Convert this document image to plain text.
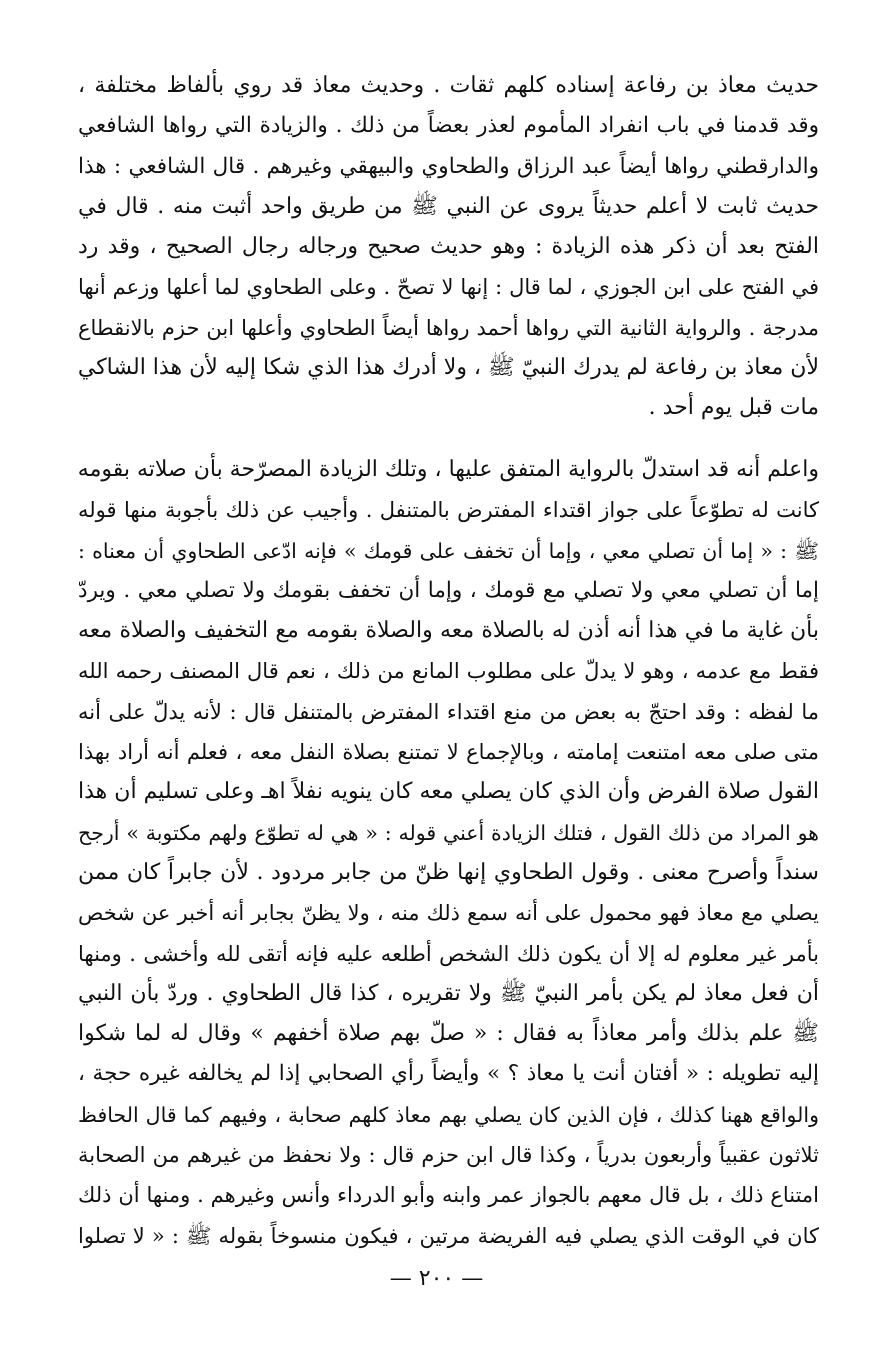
حديث معاذ بن رفاعة إسناده كلهم ثقات . وحديث معاذ قد روي بألفاظ مختلفة ،
وقد قدمنا في باب انفراد المأموم لعذر بعضاً من ذلك . والزيادة التي رواها الشافعي
والدارقطني رواها أيضاً عبد الرزاق والطحاوي والبيهقي وغيرهم . قال الشافعي : هذا
حديث ثابت لا أعلم حديثاً يروى عن النبي ﷺ من طريق واحد أثبت منه . قال في
الفتح بعد أن ذكر هذه الزيادة : وهو حديث صحيح ورجاله رجال الصحيح ، وقد رد
في الفتح على ابن الجوزي ، لما قال : إنها لا تصحّ . وعلى الطحاوي لما أعلها وزعم أنها
مدرجة . والرواية الثانية التي رواها أحمد رواها أيضاً الطحاوي وأعلها ابن حزم بالانقطاع
لأن معاذ بن رفاعة لم يدرك النبيّ ﷺ ، ولا أدرك هذا الذي شكا إليه لأن هذا الشاكي
مات قبل يوم أحد .
واعلم أنه قد استدلّ بالرواية المتفق عليها ، وتلك الزيادة المصرّحة بأن صلاته بقومه
كانت له تطوّعاً على جواز اقتداء المفترض بالمتنفل . وأجيب عن ذلك بأجوبة منها قوله
ﷺ : « إما أن تصلي معي ، وإما أن تخفف على قومك » فإنه ادّعى الطحاوي أن معناه :
إما أن تصلي معي ولا تصلي مع قومك ، وإما أن تخفف بقومك ولا تصلي معي . ويردّ
بأن غاية ما في هذا أنه أذن له بالصلاة معه والصلاة بقومه مع التخفيف والصلاة معه
فقط مع عدمه ، وهو لا يدلّ على مطلوب المانع من ذلك ، نعم قال المصنف رحمه الله
ما لفظه : وقد احتجّ به بعض من منع اقتداء المفترض بالمتنفل قال : لأنه يدلّ على أنه
متى صلى معه امتنعت إمامته ، وبالإجماع لا تمتنع بصلاة النفل معه ، فعلم أنه أراد بهذا
القول صلاة الفرض وأن الذي كان يصلي معه كان ينويه نفلاً اهـ وعلى تسليم أن هذا
هو المراد من ذلك القول ، فتلك الزيادة أعني قوله : « هي له تطوّع ولهم مكتوبة » أرجح
سنداً وأصرح معنى . وقول الطحاوي إنها ظنّ من جابر مردود . لأن جابراً كان ممن
يصلي مع معاذ فهو محمول على أنه سمع ذلك منه ، ولا يظنّ بجابر أنه أخبر عن شخص
بأمر غير معلوم له إلا أن يكون ذلك الشخص أطلعه عليه فإنه أتقى لله وأخشى . ومنها
أن فعل معاذ لم يكن بأمر النبيّ ﷺ ولا تقريره ، كذا قال الطحاوي . وردّ بأن النبي
ﷺ علم بذلك وأمر معاذاً به فقال : « صلّ بهم صلاة أخفهم » وقال له لما شكوا
إليه تطويله : « أفتان أنت يا معاذ ؟ » وأيضاً رأي الصحابي إذا لم يخالفه غيره حجة ،
والواقع ههنا كذلك ، فإن الذين كان يصلي بهم معاذ كلهم صحابة ، وفيهم كما قال الحافظ
ثلاثون عقبياً وأربعون بدرياً ، وكذا قال ابن حزم قال : ولا نحفظ من غيرهم من الصحابة
امتناع ذلك ، بل قال معهم بالجواز عمر وابنه وأبو الدرداء وأنس وغيرهم . ومنها أن ذلك
كان في الوقت الذي يصلي فيه الفريضة مرتين ، فيكون منسوخاً بقوله ﷺ : « لا تصلوا
— ٢٠٠ —
